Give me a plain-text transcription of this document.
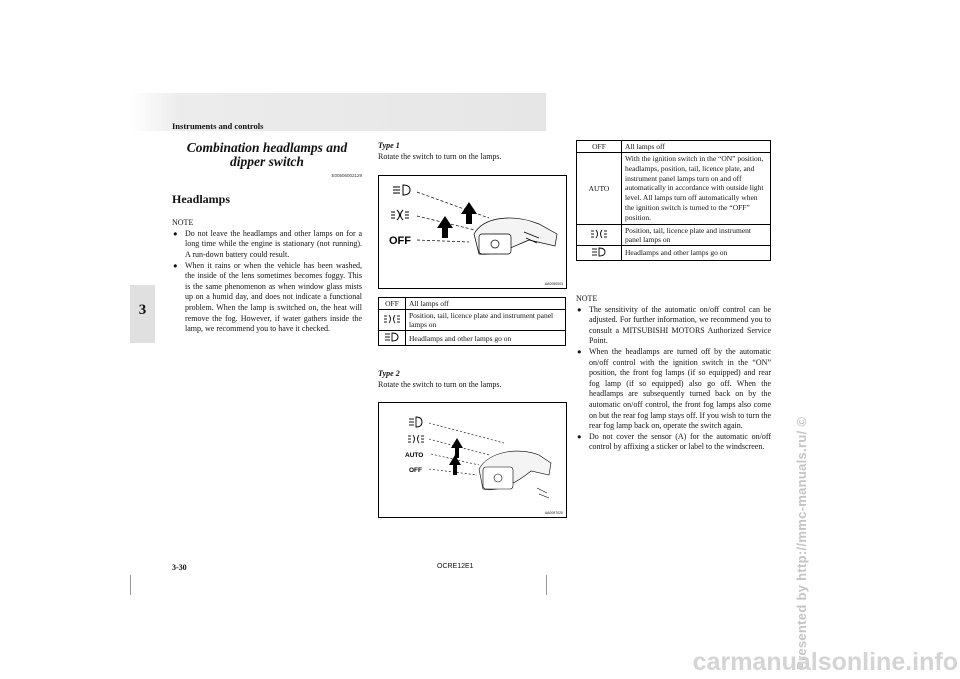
Instruments and controls
3
Combination headlamps and
dipper switch
E00506002129
Headlamps
NOTE
● Do not leave the headlamps and other lamps on for a long time while the engine is stationary (not running). A run-down battery could result.
● When it rains or when the vehicle has been washed, the inside of the lens sometimes becomes foggy. This is the same phenomenon as when window glass mists up on a humid day, and does not indicate a functional problem. When the lamp is switched on, the heat will remove the fog. However, if water gathers inside the lamp, we recommend you to have it checked.
Type 1
Rotate the switch to turn on the lamps.
OFF
AA0050003
OFF	All lamps off
	Position, tail, licence plate and instrument panel lamps on
	Headlamps and other lamps go on
Type 2
Rotate the switch to turn on the lamps.
AUTO
OFF
AA0097020
OFF	All lamps off
AUTO	With the ignition switch in the “ON” position, headlamps, position, tail, licence plate, and instrument panel lamps turn on and off automatically in accordance with outside light level. All lamps turn off automatically when the ignition switch is turned to the “OFF” position.
	Position, tail, licence plate and instrument panel lamps on
	Headlamps and other lamps go on
NOTE
● The sensitivity of the automatic on/off control can be adjusted. For further information, we recommend you to consult a MITSUBISHI MOTORS Authorized Service Point.
● When the headlamps are turned off by the automatic on/off control with the ignition switch in the “ON” position, the front fog lamps (if so equipped) and rear fog lamp (if so equipped) also go off. When the headlamps are subsequently turned back on by the automatic on/off control, the front fog lamps also come on but the rear fog lamp stays off. If you wish to turn the rear fog lamp back on, operate the switch again.
● Do not cover the sensor (A) for the automatic on/off control by affixing a sticker or label to the windscreen.
3-30	OCRE12E1	Presented by http://mmc-manuals.ru/ ©
carmanualsonline.info
